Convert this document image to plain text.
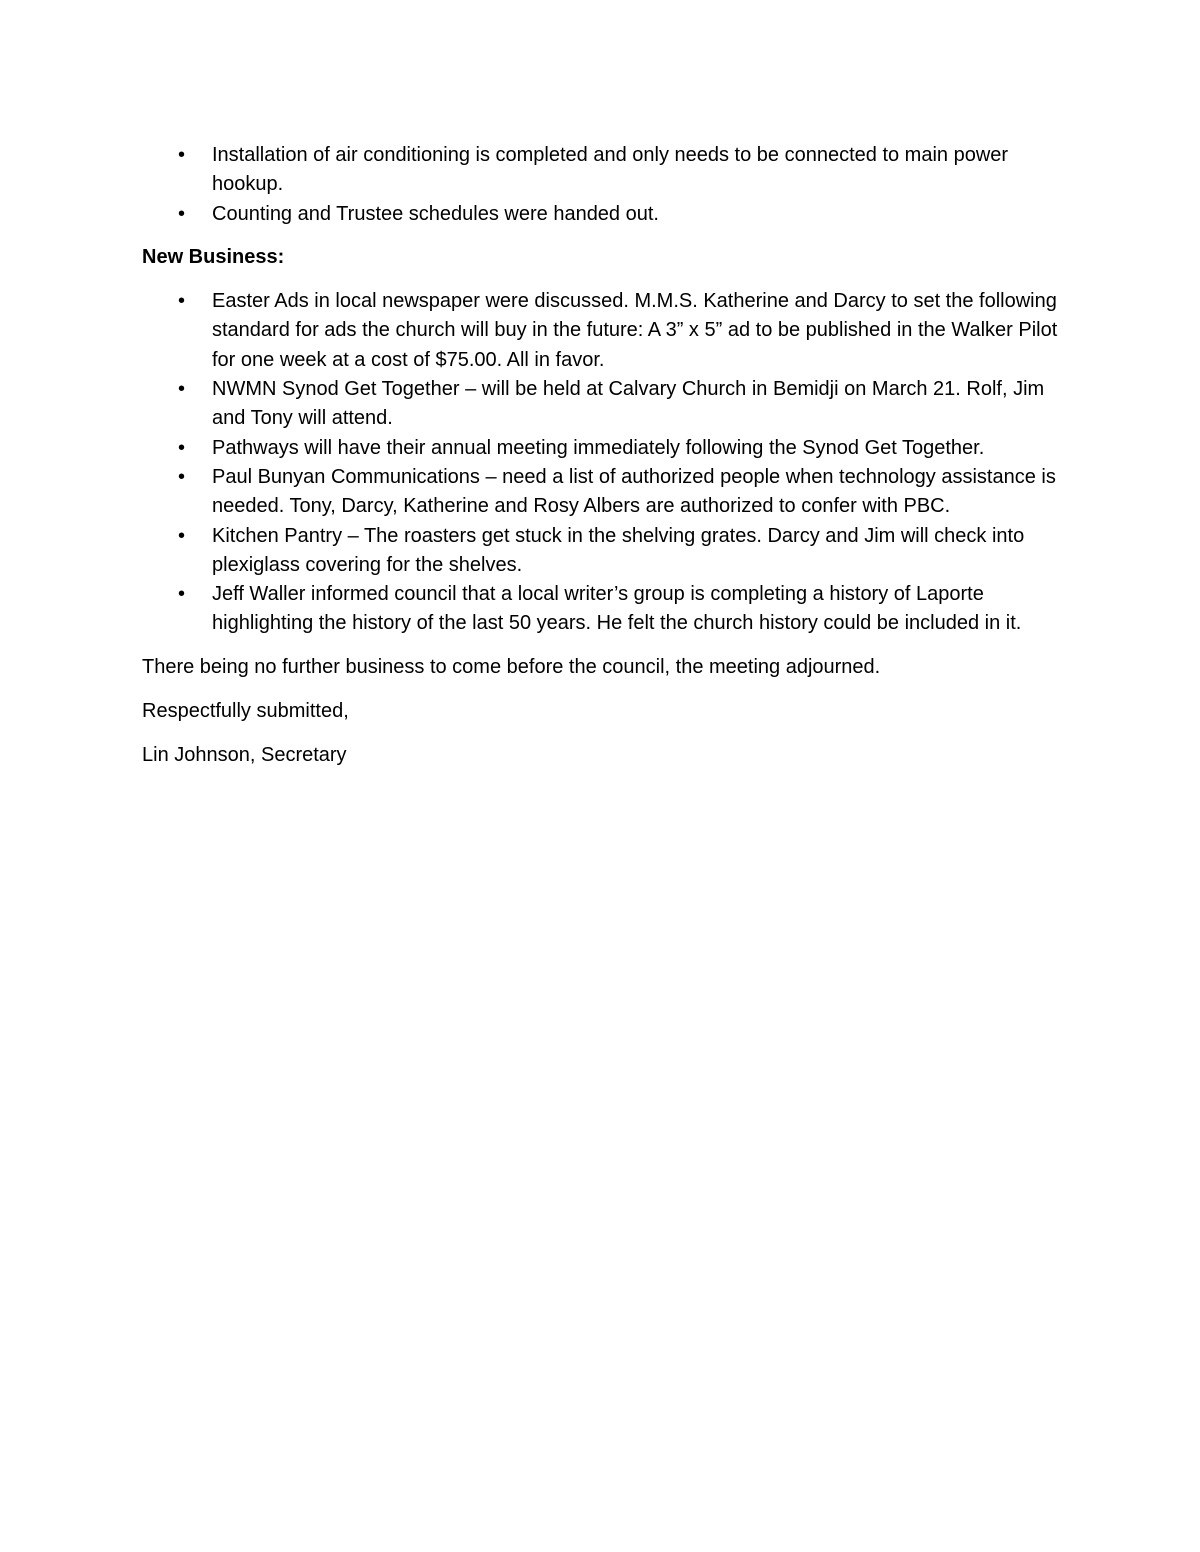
• Installation of air conditioning is completed and only needs to be connected to main power hookup.
• Counting and Trustee schedules were handed out.

New Business:

• Easter Ads in local newspaper were discussed. M.M.S. Katherine and Darcy to set the following standard for ads the church will buy in the future: A 3” x 5” ad to be published in the Walker Pilot for one week at a cost of $75.00. All in favor.
• NWMN Synod Get Together – will be held at Calvary Church in Bemidji on March 21. Rolf, Jim and Tony will attend.
• Pathways will have their annual meeting immediately following the Synod Get Together.
• Paul Bunyan Communications – need a list of authorized people when technology assistance is needed. Tony, Darcy, Katherine and Rosy Albers are authorized to confer with PBC.
• Kitchen Pantry – The roasters get stuck in the shelving grates. Darcy and Jim will check into plexiglass covering for the shelves.
• Jeff Waller informed council that a local writer’s group is completing a history of Laporte highlighting the history of the last 50 years. He felt the church history could be included in it.

There being no further business to come before the council, the meeting adjourned.

Respectfully submitted,

Lin Johnson, Secretary
